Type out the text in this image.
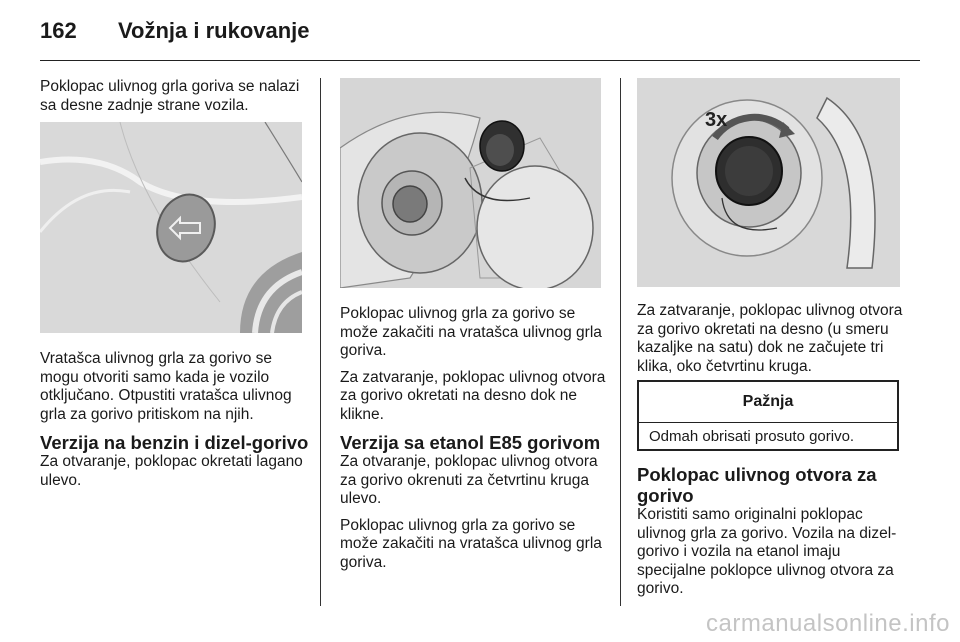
162 Vožnja i rukovanje

Poklopac ulivnog grla goriva se nalazi sa desne zadnje strane vozila.

Vratašca ulivnog grla za gorivo se mogu otvoriti samo kada je vozilo otključano. Otpustiti vratašca ulivnog grla za gorivo pritiskom na njih.

Verzija na benzin i dizel-gorivo

Za otvaranje, poklopac okretati lagano ulevo.

Poklopac ulivnog grla za gorivo se može zakačiti na vratašca ulivnog grla goriva.

Za zatvaranje, poklopac ulivnog otvora za gorivo okretati na desno dok ne klikne.

Verzija sa etanol E85 gorivom

Za otvaranje, poklopac ulivnog otvora za gorivo okrenuti za četvrtinu kruga ulevo.

Poklopac ulivnog grla za gorivo se može zakačiti na vratašca ulivnog grla goriva.

3x

Za zatvaranje, poklopac ulivnog otvora za gorivo okretati na desno (u smeru kazaljke na satu) dok ne začujete tri klika, oko četvrtinu kruga.

Pažnja
Odmah obrisati prosuto gorivo.
Poklopac ulivnog otvora za gorivo

Koristiti samo originalni poklopac ulivnog grla za gorivo. Vozila na dizel-gorivo i vozila na etanol imaju specijalne poklopce ulivnog otvora za gorivo.

carmanualsonline.info
